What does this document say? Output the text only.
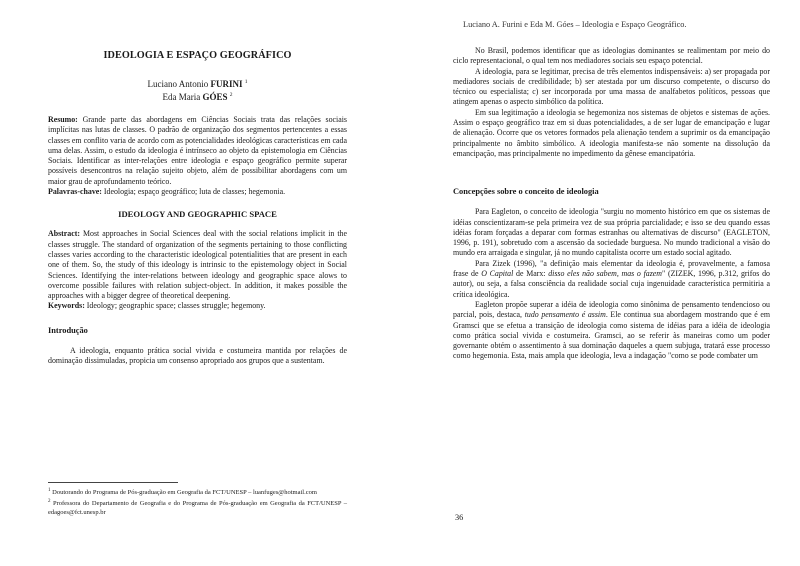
IDEOLOGIA E ESPAÇO GEOGRÁFICO
Luciano Antonio FURINI $^1$
Eda Maria GÓES $^2$

Resumo: Grande parte das abordagens em Ciências Sociais trata das relações sociais implícitas nas lutas de classes. O padrão de organização dos segmentos pertencentes a essas classes em conflito varia de acordo com as potencialidades ideológicas características em cada uma delas. Assim, o estudo da ideologia é intrínseco ao objeto da epistemologia em Ciências Sociais. Identificar as inter-relações entre ideologia e espaço geográfico permite superar possíveis desencontros na relação sujeito objeto, além de possibilitar abordagens com um maior grau de aprofundamento teórico.

Palavras-chave: Ideologia; espaço geográfico; luta de classes; hegemonia.

IDEOLOGY AND GEOGRAPHIC SPACE

Abstract: Most approaches in Social Sciences deal with the social relations implicit in the classes struggle. The standard of organization of the segments pertaining to those conflicting classes varies according to the characteristic ideological potentialities that are present in each one of them. So, the study of this ideology is intrinsic to the epistemology object in Social Sciences. Identifying the inter-relations between ideology and geographic space alows to overcome possible failures with relation subject-object. In addition, it makes possible the approaches with a bigger degree of theoretical deepening.

Keywords: Ideology; geographic space; classes struggle; hegemony.

Introdução

A ideologia, enquanto prática social vivida e costumeira mantida por relações de dominação dissimuladas, propicia um consenso apropriado aos grupos que a sustentam.

$^1$ Doutorando do Programa de Pós-graduação em Geografia da FCT/UNESP – luanfuges@hotmail.com

$^2$ Professora do Departamento de Geografia e do Programa de Pós-graduação em Geografia da FCT/UNESP – edagoes@fct.unesp.br

Luciano A. Furini e Eda M. Góes – Ideologia e Espaço Geográfico.

No Brasil, podemos identificar que as ideologias dominantes se realimentam por meio do ciclo representacional, o qual tem nos mediadores sociais seu espaço potencial.

A ideologia, para se legitimar, precisa de três elementos indispensáveis: a) ser propagada por mediadores sociais de credibilidade; b) ser atestada por um discurso competente, o discurso do técnico ou especialista; c) ser incorporada por uma massa de analfabetos políticos, pessoas que atingem apenas o aspecto simbólico da política.

Em sua legitimação a ideologia se hegemoniza nos sistemas de objetos e sistemas de ações. Assim o espaço geográfico traz em si duas potencialidades, a de ser lugar de emancipação e lugar de alienação. Ocorre que os vetores formados pela alienação tendem a suprimir os da emancipação principalmente no âmbito simbólico. A ideologia manifesta-se não somente na dissolução da emancipação, mas principalmente no impedimento da gênese emancipatória.

Concepções sobre o conceito de ideologia

Para Eagleton, o conceito de ideologia "surgiu no momento histórico em que os sistemas de idéias conscientizaram-se pela primeira vez de sua própria parcialidade; e isso se deu quando essas idéias foram forçadas a deparar com formas estranhas ou alternativas de discurso" (EAGLETON, 1996, p. 191), sobretudo com a ascensão da sociedade burguesa. No mundo tradicional a visão do mundo era arraigada e singular, já no mundo capitalista ocorre um estado social agitado.

Para Zizek (1996), "a definição mais elementar da ideologia é, provavelmente, a famosa frase de O Capital de Marx: disso eles não sabem, mas o fazem" (ZIZEK, 1996, p.312, grifos do autor), ou seja, a falsa consciência da realidade social cuja ingenuidade característica permitiria a crítica ideológica.

Eagleton propõe superar a idéia de ideologia como sinônima de pensamento tendencioso ou parcial, pois, destaca, tudo pensamento é assim. Ele continua sua abordagem mostrando que é em Gramsci que se efetua a transição de ideologia como sistema de idéias para a idéia de ideologia como prática social vivida e costumeira. Gramsci, ao se referir às maneiras como um poder governante obtém o assentimento à sua dominação daqueles a quem subjuga, tratará esse processo como hegemonia. Esta, mais ampla que ideologia, leva a indagação "como se pode combater um

36
